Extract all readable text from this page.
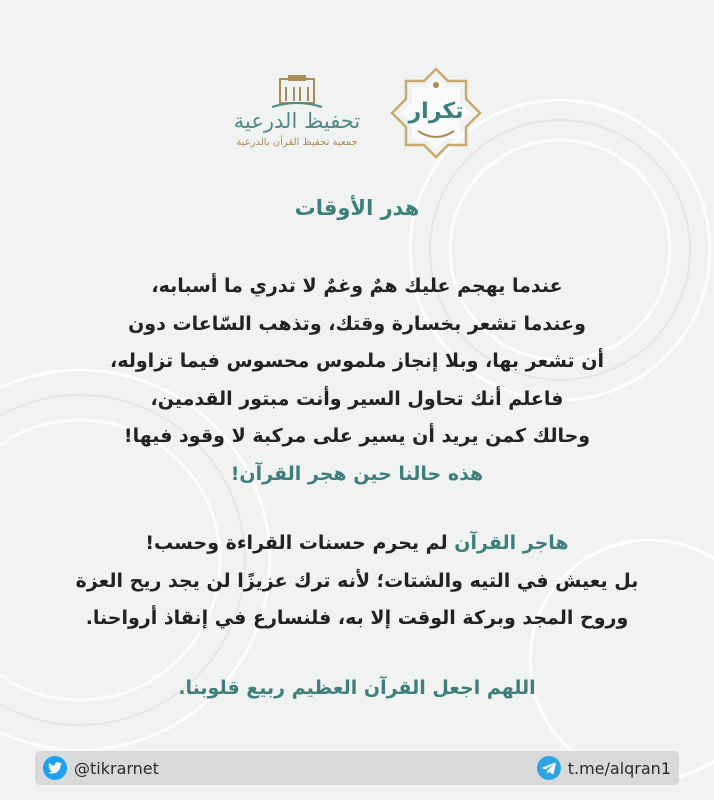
تكرار
تحفيظ الدرعية
جمعية تحفيظ القرآن بالدرعية
هدر الأوقات
عندما يهجم عليك همٌ وغمٌ لا تدري ما أسبابه،
وعندما تشعر بخسارة وقتك، وتذهب السّاعات دون
أن تشعر بها، وبلا إنجاز ملموس محسوس فيما تزاوله،
فاعلم أنك تحاول السير وأنت مبتور القدمين،
وحالك كمن يريد أن يسير على مركبة لا وقود فيها!
هذه حالنا حين هجر القرآن!
هاجر القرآن لم يحرم حسنات القراءة وحسب!
بل يعيش في التيه والشتات؛ لأنه ترك عزيزًا لن يجد ريح العزة
وروح المجد وبركة الوقت إلا به، فلنسارع في إنقاذ أرواحنا.
اللهم اجعل القرآن العظيم ربيع قلوبنا.
@tikrarnet	t.me/alqran1
